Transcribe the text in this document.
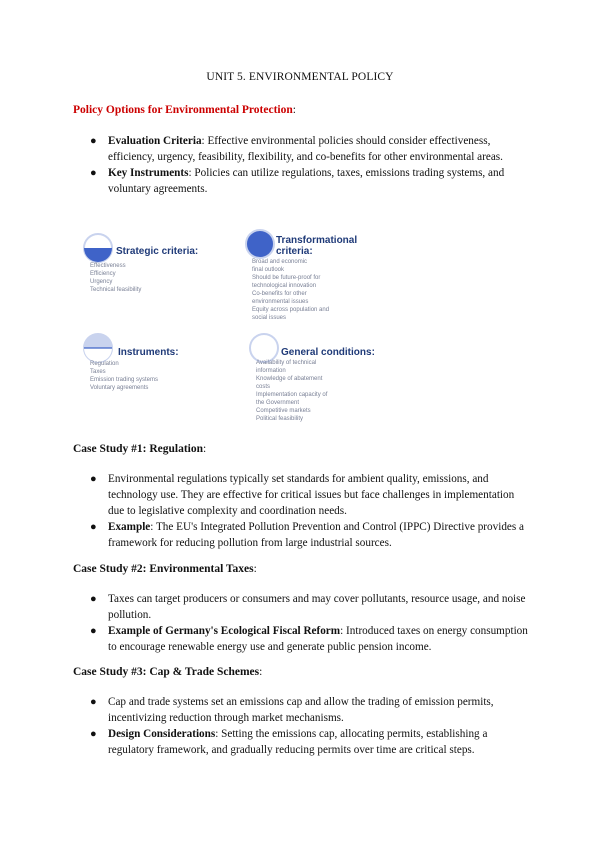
UNIT 5. ENVIRONMENTAL POLICY
Policy Options for Environmental Protection:
● Evaluation Criteria: Effective environmental policies should consider effectiveness, efficiency, urgency, feasibility, flexibility, and co-benefits for other environmental areas.
● Key Instruments: Policies can utilize regulations, taxes, emissions trading systems, and voluntary agreements.
Strategic criteria:
Effectiveness
Efficiency
Urgency
Technical feasibility
Transformational
criteria:
Broad and economic
final outlook
Should be future-proof for
technological innovation
Co-benefits for other
environmental issues
Equity across population and
social issues
Instruments:
Regulation
Taxes
Emission trading systems
Voluntary agreements
General conditions:
Availability of technical
information
Knowledge of abatement
costs
Implementation capacity of
the Government
Competitive markets
Political feasibility
Case Study #1: Regulation:
● Environmental regulations typically set standards for ambient quality, emissions, and technology use. They are effective for critical issues but face challenges in implementation due to legislative complexity and coordination needs.
● Example: The EU's Integrated Pollution Prevention and Control (IPPC) Directive provides a framework for reducing pollution from large industrial sources.
Case Study #2: Environmental Taxes:
● Taxes can target producers or consumers and may cover pollutants, resource usage, and noise pollution.
● Example of Germany's Ecological Fiscal Reform: Introduced taxes on energy consumption to encourage renewable energy use and generate public pension income.
Case Study #3: Cap & Trade Schemes:
● Cap and trade systems set an emissions cap and allow the trading of emission permits, incentivizing reduction through market mechanisms.
● Design Considerations: Setting the emissions cap, allocating permits, establishing a regulatory framework, and gradually reducing permits over time are critical steps.
